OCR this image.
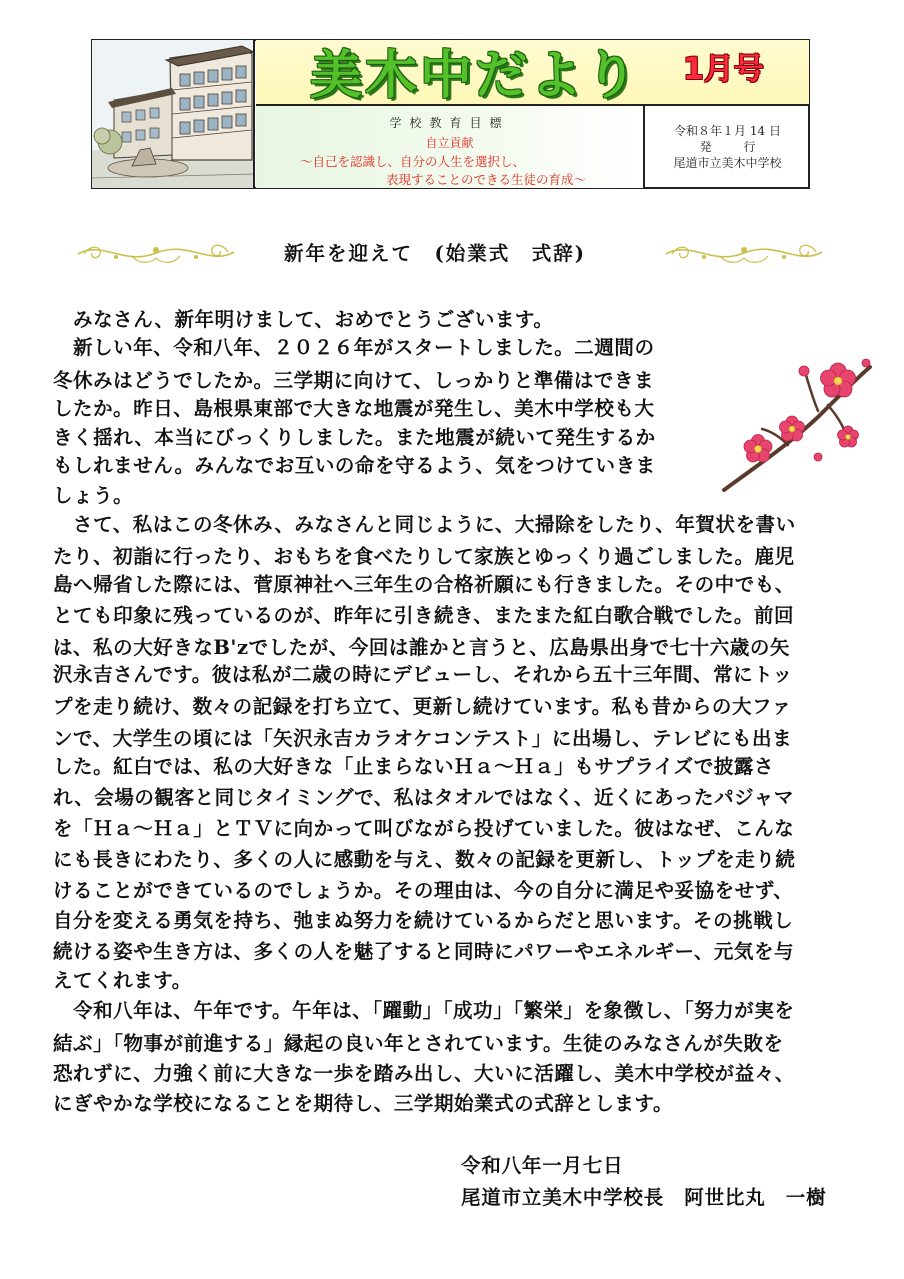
美木中だより 1月号
学校教育目標
自立貢献
～自己を認識し、自分の人生を選択し、
表現することのできる生徒の育成～
令和８年１月 14 日
発　行
尾道市立美木中学校
新年を迎えて　(始業式　式辞)
　みなさん、新年明けまして、おめでとうございます。
　新しい年、令和八年、２０２６年がスタートしました。二週間の
冬休みはどうでしたか。三学期に向けて、しっかりと準備はできま
したか。昨日、島根県東部で大きな地震が発生し、美木中学校も大
きく揺れ、本当にびっくりしました。また地震が続いて発生するか
もしれません。みんなでお互いの命を守るよう、気をつけていきま
しょう。
　さて、私はこの冬休み、みなさんと同じように、大掃除をしたり、年賀状を書い
たり、初詣に行ったり、おもちを食べたりして家族とゆっくり過ごしました。鹿児
島へ帰省した際には、菅原神社へ三年生の合格祈願にも行きました。その中でも、
とても印象に残っているのが、昨年に引き続き、またまた紅白歌合戦でした。前回
は、私の大好きなB'zでしたが、今回は誰かと言うと、広島県出身で七十六歳の矢
沢永吉さんです。彼は私が二歳の時にデビューし、それから五十三年間、常にトッ
プを走り続け、数々の記録を打ち立て、更新し続けています。私も昔からの大ファ
ンで、大学生の頃には「矢沢永吉カラオケコンテスト」に出場し、テレビにも出ま
した。紅白では、私の大好きな「止まらないＨａ～Ｈａ」もサプライズで披露さ
れ、会場の観客と同じタイミングで、私はタオルではなく、近くにあったパジャマ
を「Ｈａ～Ｈａ」とＴＶに向かって叫びながら投げていました。彼はなぜ、こんな
にも長きにわたり、多くの人に感動を与え、数々の記録を更新し、トップを走り続
けることができているのでしょうか。その理由は、今の自分に満足や妥協をせず、
自分を変える勇気を持ち、弛まぬ努力を続けているからだと思います。その挑戦し
続ける姿や生き方は、多くの人を魅了すると同時にパワーやエネルギー、元気を与
えてくれます。
　令和八年は、午年です。午年は、「躍動」「成功」「繁栄」を象徴し、「努力が実を
結ぶ」「物事が前進する」縁起の良い年とされています。生徒のみなさんが失敗を
恐れずに、力強く前に大きな一歩を踏み出し、大いに活躍し、美木中学校が益々、
にぎやかな学校になることを期待し、三学期始業式の式辞とします。
令和八年一月七日
尾道市立美木中学校長　阿世比丸　一樹
